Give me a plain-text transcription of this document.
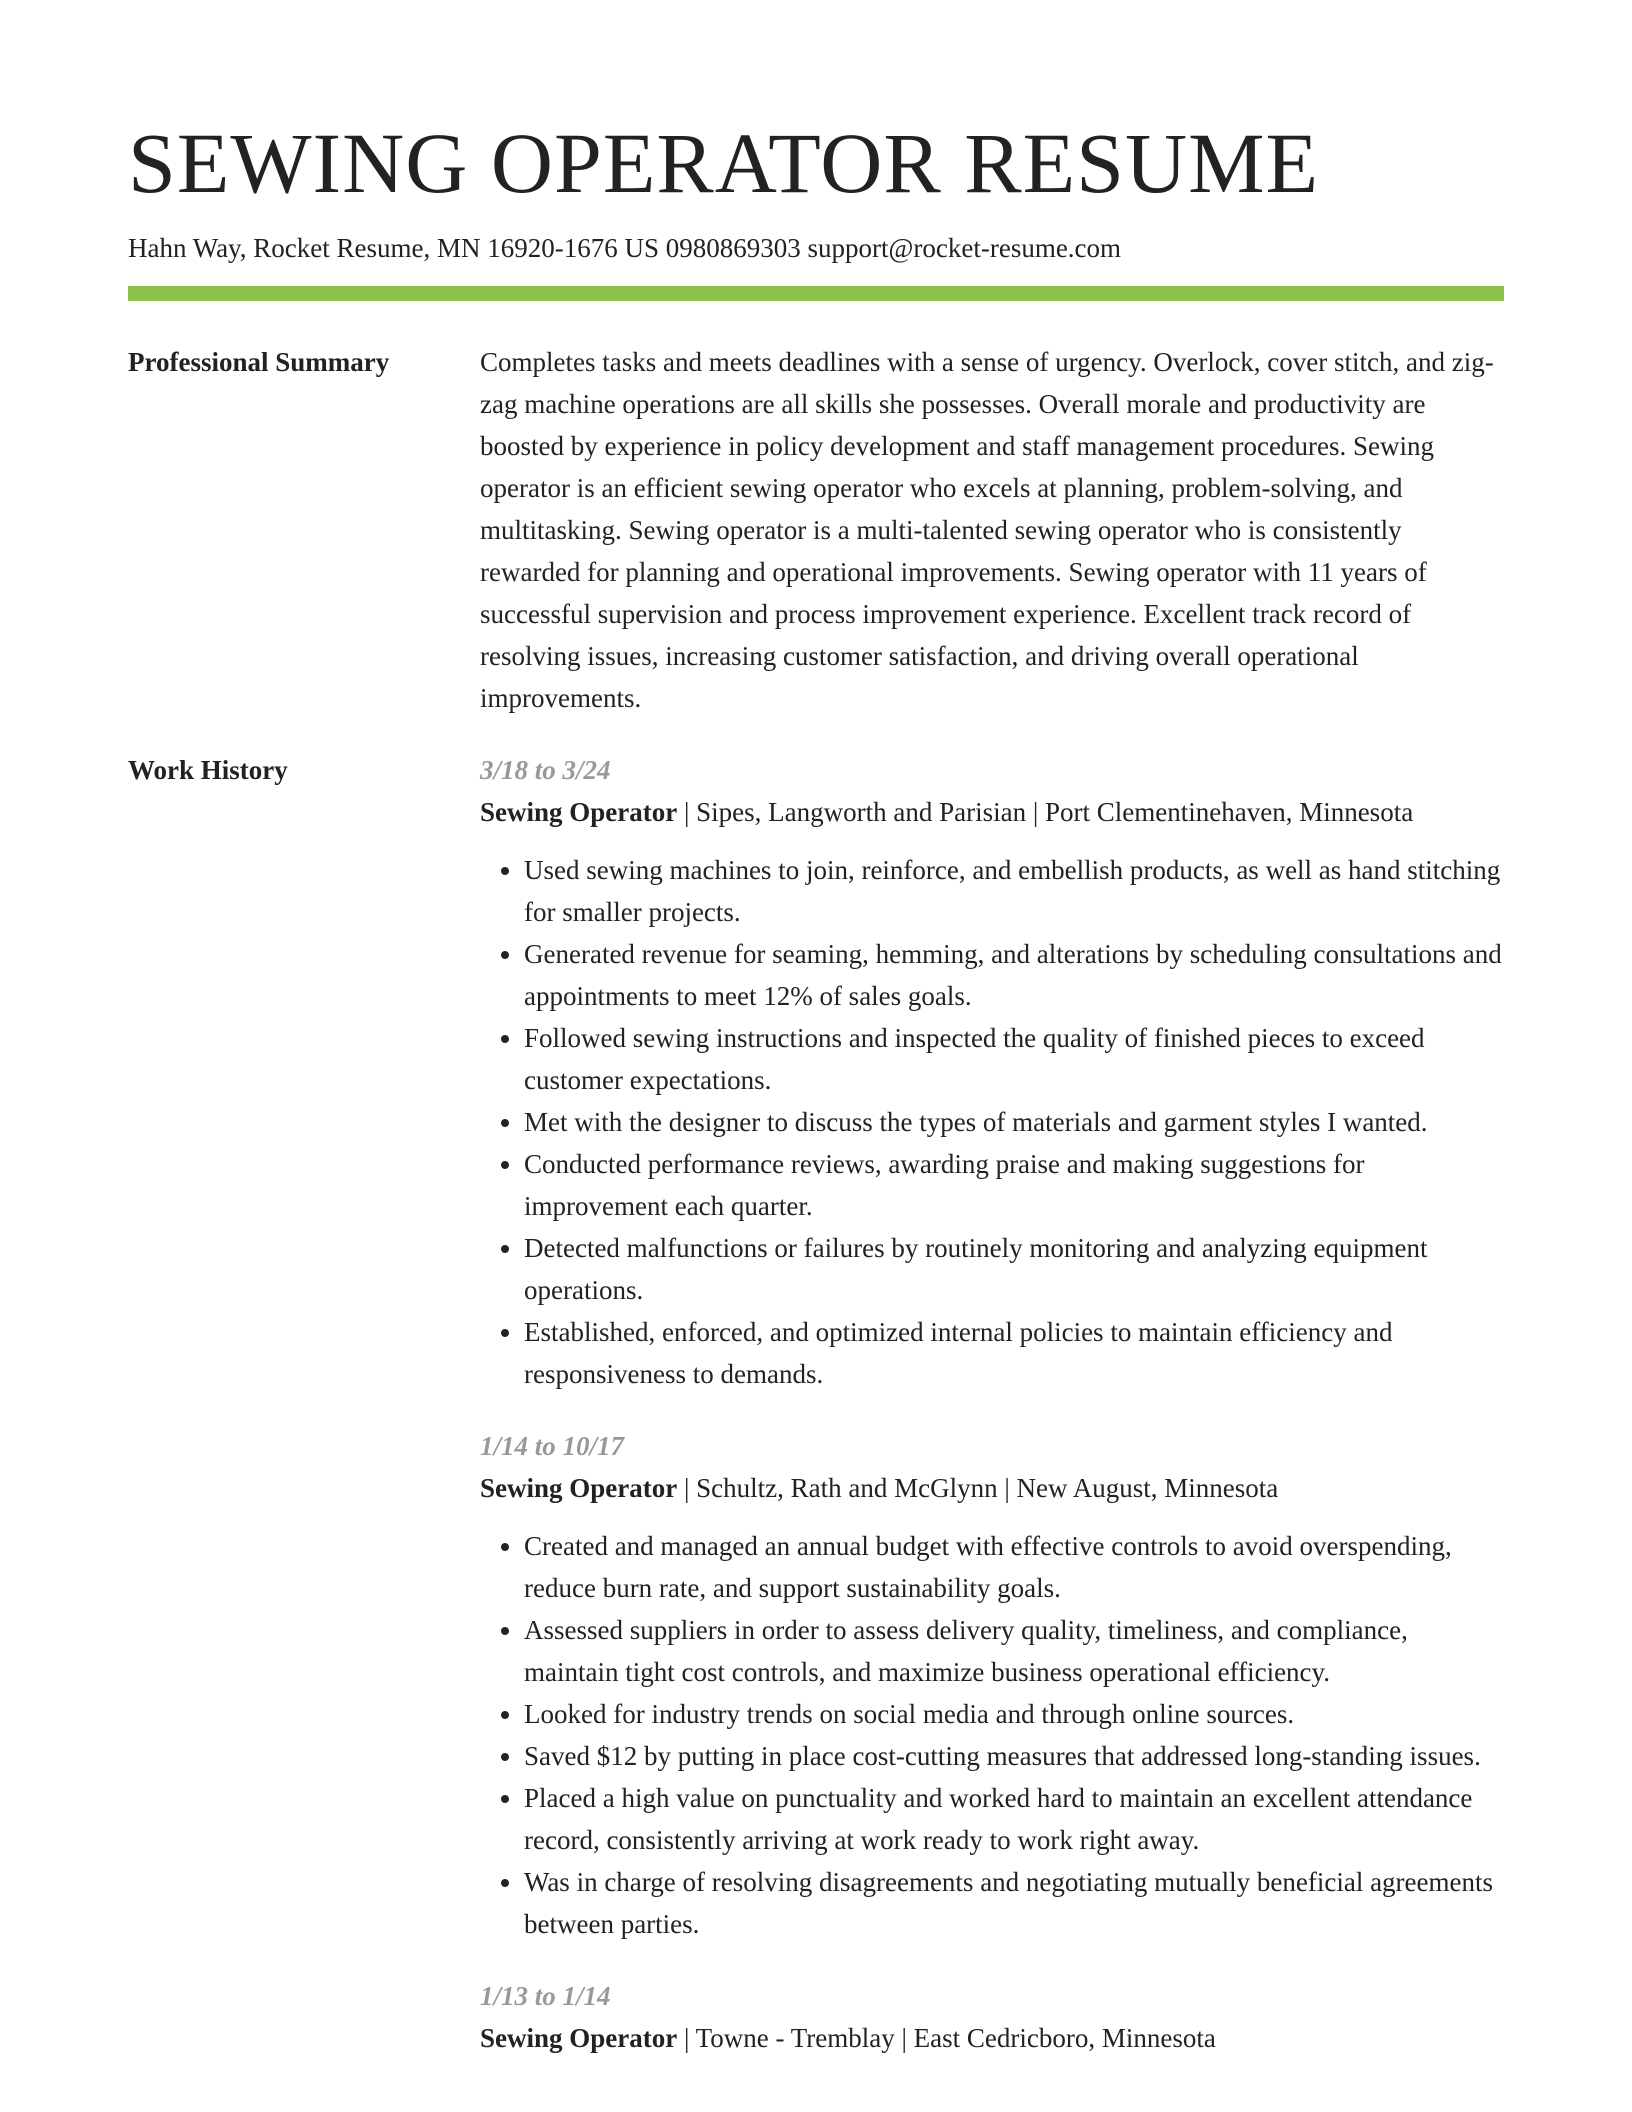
SEWING OPERATOR RESUME
Hahn Way, Rocket Resume, MN 16920-1676 US 0980869303 support@rocket-resume.com
Professional Summary	Completes tasks and meets deadlines with a sense of urgency. Overlock, cover stitch, and zig-zag machine operations are all skills she possesses. Overall morale and productivity are boosted by experience in policy development and staff management procedures. Sewing operator is an efficient sewing operator who excels at planning, problem-solving, and multitasking. Sewing operator is a multi-talented sewing operator who is consistently rewarded for planning and operational improvements. Sewing operator with 11 years of successful supervision and process improvement experience. Excellent track record of resolving issues, increasing customer satisfaction, and driving overall operational improvements.

Work History	3/18 to 3/24
Sewing Operator | Sipes, Langworth and Parisian | Port Clementinehaven, Minnesota
• Used sewing machines to join, reinforce, and embellish products, as well as hand stitching for smaller projects.
• Generated revenue for seaming, hemming, and alterations by scheduling consultations and appointments to meet 12% of sales goals.
• Followed sewing instructions and inspected the quality of finished pieces to exceed customer expectations.
• Met with the designer to discuss the types of materials and garment styles I wanted.
• Conducted performance reviews, awarding praise and making suggestions for improvement each quarter.
• Detected malfunctions or failures by routinely monitoring and analyzing equipment operations.
• Established, enforced, and optimized internal policies to maintain efficiency and responsiveness to demands.
1/14 to 10/17
Sewing Operator | Schultz, Rath and McGlynn | New August, Minnesota
• Created and managed an annual budget with effective controls to avoid overspending, reduce burn rate, and support sustainability goals.
• Assessed suppliers in order to assess delivery quality, timeliness, and compliance, maintain tight cost controls, and maximize business operational efficiency.
• Looked for industry trends on social media and through online sources.
• Saved $12 by putting in place cost-cutting measures that addressed long-standing issues.
• Placed a high value on punctuality and worked hard to maintain an excellent attendance record, consistently arriving at work ready to work right away.
• Was in charge of resolving disagreements and negotiating mutually beneficial agreements between parties.
1/13 to 1/14
Sewing Operator | Towne - Tremblay | East Cedricboro, Minnesota
